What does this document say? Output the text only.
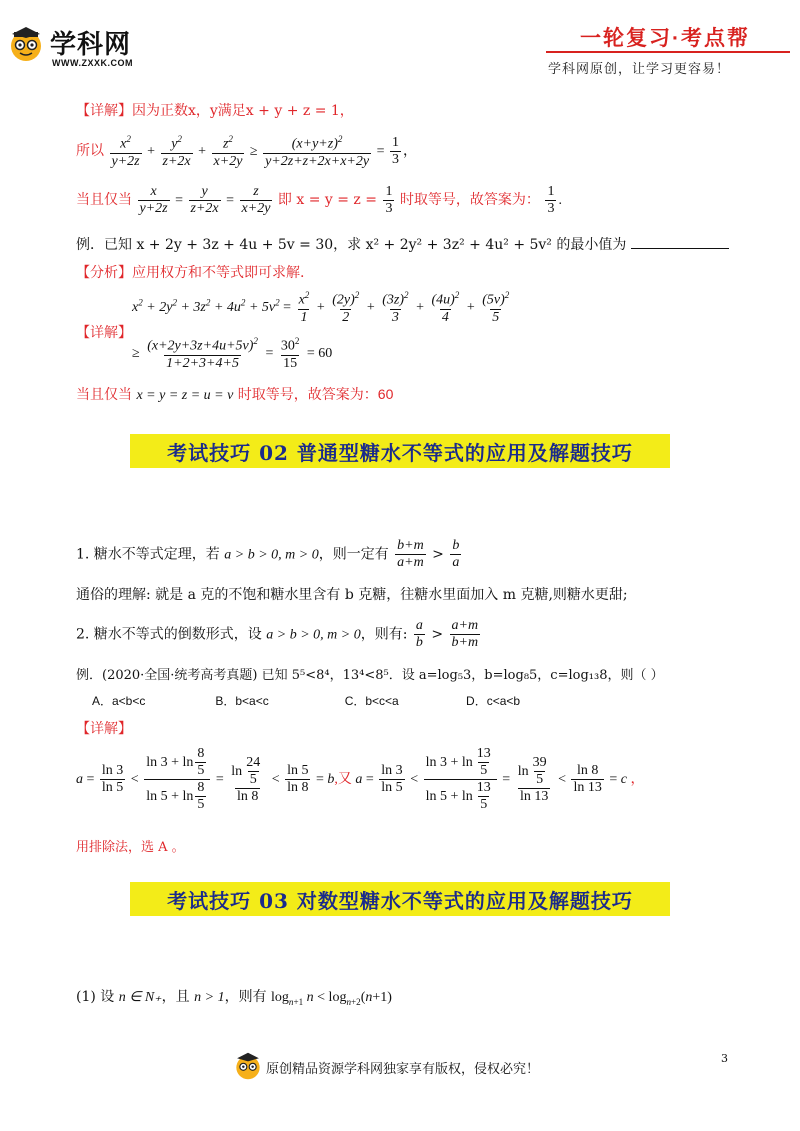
学科网
WWW.ZXXK.COM
一轮复习·考点帮
学科网原创，让学习更容易！
【详解】因为正数x，y满足x + y + z = 1，
所以 $\frac{x^2}{y+2z} + \frac{y^2}{z+2x} + \frac{z^2}{x+2y} \ge \frac{(x+y+z)^2}{y+2z+z+2x+x+2y} = \frac{1}{3}$ ，
当且仅当 $\frac{x}{y+2z} = \frac{y}{z+2x} = \frac{z}{x+2y}$ 即 $x = y = z = \frac{1}{3}$ 时取等号，故答案为： $\frac{1}{3}$ .
例．已知 x + 2y + 3z + 4u + 5v = 30，求 x² + 2y² + 3z² + 4u² + 5v² 的最小值为
【分析】应用权方和不等式即可求解.
$x^2 + 2y^2 + 3z^2 + 4u^2 + 5v^2 = \frac{x^2}{1} + \frac{(2y)^2}{2} + \frac{(3z)^2}{3} + \frac{(4u)^2}{4} + \frac{(5v)^2}{5}$
【详解】
≥ $\frac{(x+2y+3z+4u+5v)^2}{1+2+3+4+5} = \frac{30^2}{15} = 60$
当且仅当 x = y = z = u = v 时取等号，故答案为：60
考试技巧 02 普通型糖水不等式的应用及解题技巧
1. 糖水不等式定理，若 a > b > 0, m > 0，则一定有 $\frac{b+m}{a+m} > \frac{b}{a}$
通俗的理解: 就是 a 克的不饱和糖水里含有 b 克糖，往糖水里面加入 m 克糖,则糖水更甜;
2. 糖水不等式的倒数形式，设 a > b > 0, m > 0，则有: $\frac{a}{b} > \frac{a+m}{b+m}$
例．(2020·全国·统考高考真题) 已知 5⁵<8⁴，13⁴<8⁵．设 a=log₅3，b=log₈5，c=log₁₃8，则（ ）
A．a<b<c	B．b<a<c	C．b<c<a	D．c<a<b
【详解】
$a = \frac{\ln 3}{\ln 5} < \frac{\ln 3 + \ln \frac{8}{5}}{\ln 5 + \ln \frac{8}{5}} = \frac{\ln \frac{24}{5}}{\ln 8} < \frac{\ln 5}{\ln 8} = b$,又 $a = \frac{\ln 3}{\ln 5} < \frac{\ln 3 + \ln \frac{13}{5}}{\ln 5 + \ln \frac{13}{5}} = \frac{\ln \frac{39}{5}}{\ln 13} < \frac{\ln 8}{\ln 13} = c$ ，
用排除法，选 A 。
考试技巧 03 对数型糖水不等式的应用及解题技巧
(1) 设 n ∈ N₊，且 n > 1，则有 $\log_{n+1} n < \log_{n+2}(n+1)$
3
原创精品资源学科网独家享有版权，侵权必究！
